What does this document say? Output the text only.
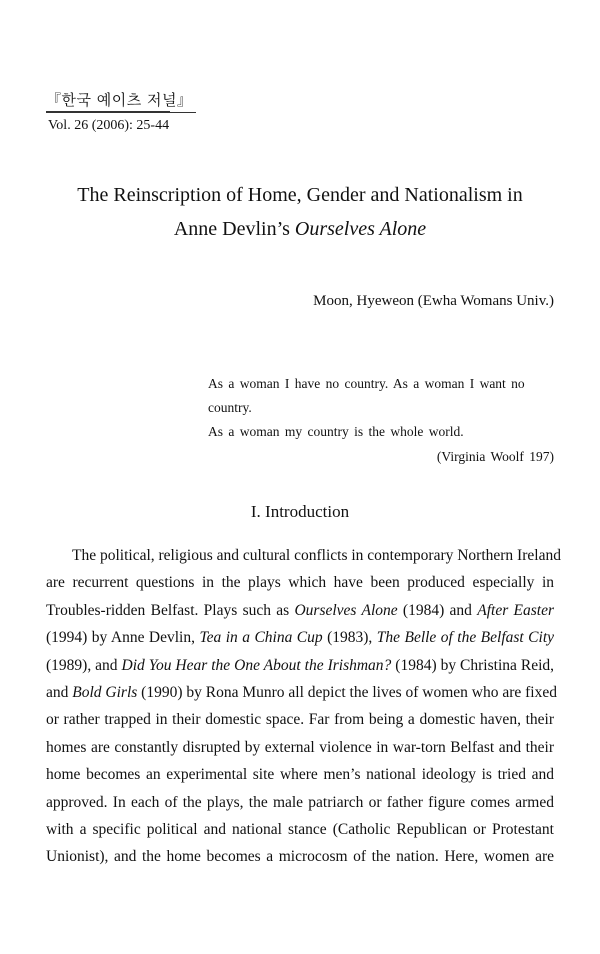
『한국 예이츠 저널』
Vol. 26 (2006): 25-44
The Reinscription of Home, Gender and Nationalism in
Anne Devlin’s Ourselves Alone
Moon, Hyeweon (Ewha Womans Univ.)

As a woman I have no country. As a woman I want no country.

As a woman my country is the whole world.

(Virginia Woolf 197)

I. Introduction
The political, religious and cultural conflicts in contemporary Northern Ireland
are recurrent questions in the plays which have been produced especially in
Troubles-ridden Belfast. Plays such as Ourselves Alone (1984) and After Easter
(1994) by Anne Devlin, Tea in a China Cup (1983), The Belle of the Belfast City
(1989), and Did You Hear the One About the Irishman? (1984) by Christina Reid,
and Bold Girls (1990) by Rona Munro all depict the lives of women who are fixed
or rather trapped in their domestic space. Far from being a domestic haven, their
homes are constantly disrupted by external violence in war-torn Belfast and their
home becomes an experimental site where men’s national ideology is tried and
approved. In each of the plays, the male patriarch or father figure comes armed
with a specific political and national stance (Catholic Republican or Protestant
Unionist), and the home becomes a microcosm of the nation. Here, women are
